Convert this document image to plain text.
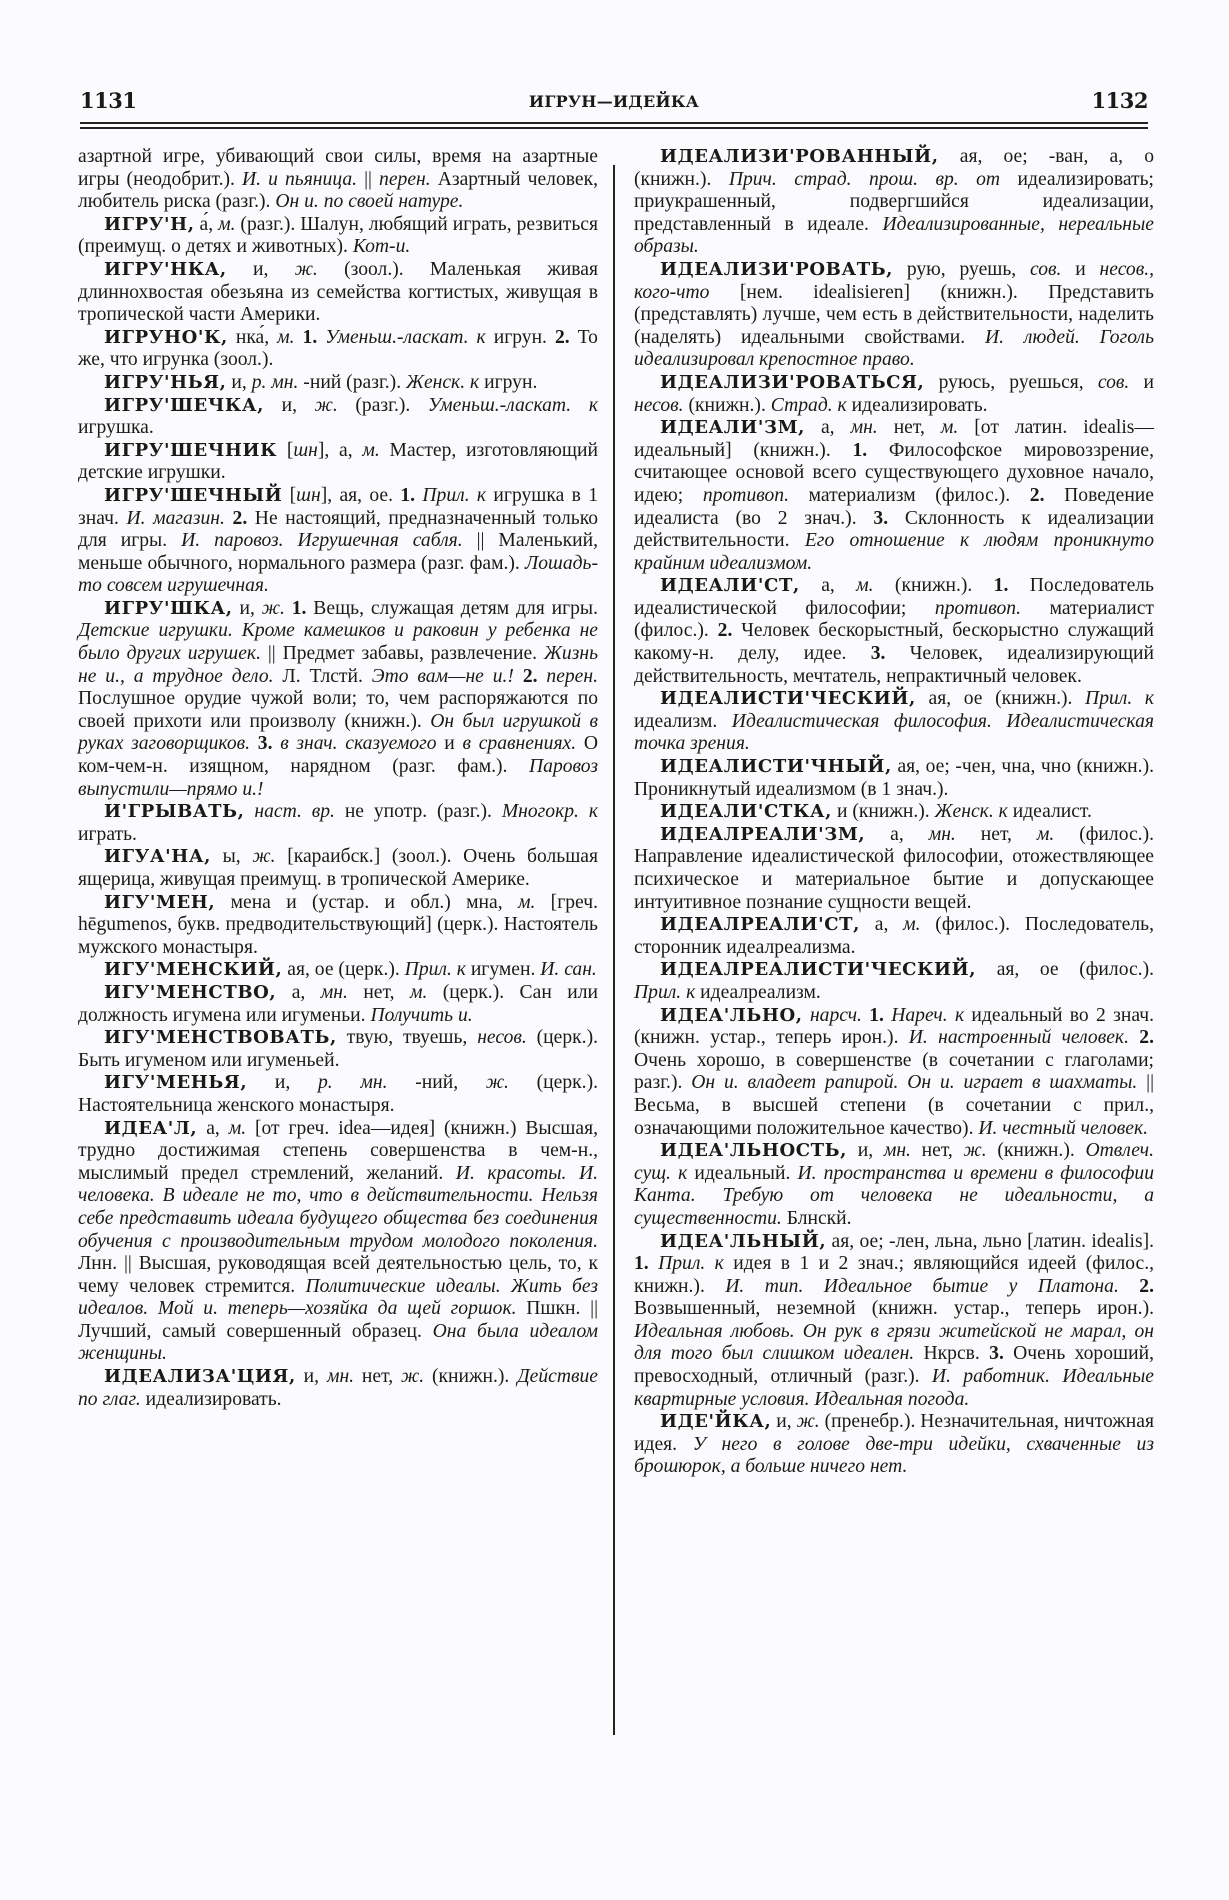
1131	ИГРУН—ИДЕЙКА	1132

азартной игре, убивающий свои силы, время на азартные игры (неодобрит.). И. и пьяница. || перен. Азартный человек, любитель риска (разг.). Он и. по своей натуре.

ИГРУ'Н, а́, м. (разг.). Шалун, любящий играть, резвиться (преимущ. о детях и животных). Кот-и.

ИГРУ'НКА, и, ж. (зоол.). Маленькая живая длиннохвостая обезьяна из семейства когтистых, живущая в тропической части Америки.

ИГРУНО'К, нка́, м. 1. Уменьш.-ласкат. к игрун. 2. То же, что игрунка (зоол.).

ИГРУ'НЬЯ, и, р. мн. -ний (разг.). Женск. к игрун.

ИГРУ'ШЕЧКА, и, ж. (разг.). Уменьш.-ласкат. к игрушка.

ИГРУ'ШЕЧНИК [шн], а, м. Мастер, изготовляющий детские игрушки.

ИГРУ'ШЕЧНЫЙ [шн], ая, ое. 1. Прил. к игрушка в 1 знач. И. магазин. 2. Не настоящий, предназначенный только для игры. И. паровоз. Игрушечная сабля. || Маленький, меньше обычного, нормального размера (разг. фам.). Лошадь-то совсем игрушечная.

ИГРУ'ШКА, и, ж. 1. Вещь, служащая детям для игры. Детские игрушки. Кроме камешков и раковин у ребенка не было других игрушек. || Предмет забавы, развлечение. Жизнь не и., а трудное дело. Л. Тлстй. Это вам—не и.! 2. перен. Послушное орудие чужой воли; то, чем распоряжаются по своей прихоти или произволу (книжн.). Он был игрушкой в руках заговорщиков. 3. в знач. сказуемого и в сравнениях. О ком-чем-н. изящном, нарядном (разг. фам.). Паровоз выпустили—прямо и.!

И'ГРЫВАТЬ, наст. вр. не употр. (разг.). Многокр. к играть.

ИГУА'НА, ы, ж. [караибск.] (зоол.). Очень большая ящерица, живущая преимущ. в тропической Америке.

ИГУ'МЕН, мена и (устар. и обл.) мна, м. [греч. hēgumenos, букв. предводительствующий] (церк.). Настоятель мужского монастыря.

ИГУ'МЕНСКИЙ, ая, ое (церк.). Прил. к игумен. И. сан.

ИГУ'МЕНСТВО, а, мн. нет, м. (церк.). Сан или должность игумена или игуменьи. Получить и.

ИГУ'МЕНСТВОВАТЬ, твую, твуешь, несов. (церк.). Быть игуменом или игуменьей.

ИГУ'МЕНЬЯ, и, р. мн. -ний, ж. (церк.). Настоятельница женского монастыря.

ИДЕА'Л, а, м. [от греч. idea—идея] (книжн.) Высшая, трудно достижимая степень совершенства в чем-н., мыслимый предел стремлений, желаний. И. красоты. И. человека. В идеале не то, что в действительности. Нельзя себе представить идеала будущего общества без соединения обучения с производительным трудом молодого поколения. Лнн. || Высшая, руководящая всей деятельностью цель, то, к чему человек стремится. Политические идеалы. Жить без идеалов. Мой и. теперь—хозяйка да щей горшок. Пшкн. || Лучший, самый совершенный образец. Она была идеалом женщины.

ИДЕАЛИЗА'ЦИЯ, и, мн. нет, ж. (книжн.). Действие по глаг. идеализировать.

ИДЕАЛИЗИ'РОВАННЫЙ, ая, ое; -ван, а, о (книжн.). Прич. страд. прош. вр. от идеализировать; приукрашенный, подвергшийся идеализации, представленный в идеале. Идеализированные, нереальные образы.

ИДЕАЛИЗИ'РОВАТЬ, рую, руешь, сов. и несов., кого-что [нем. idealisieren] (книжн.). Представить (представлять) лучше, чем есть в действительности, наделить (наделять) идеальными свойствами. И. людей. Гоголь идеализировал крепостное право.

ИДЕАЛИЗИ'РОВАТЬСЯ, руюсь, руешься, сов. и несов. (книжн.). Страд. к идеализировать.

ИДЕАЛИ'ЗМ, а, мн. нет, м. [от латин. idealis—идеальный] (книжн.). 1. Философское мировоззрение, считающее основой всего существующего духовное начало, идею; противоп. материализм (филос.). 2. Поведение идеалиста (во 2 знач.). 3. Склонность к идеализации действительности. Его отношение к людям проникнуто крайним идеализмом.

ИДЕАЛИ'СТ, а, м. (книжн.). 1. Последователь идеалистической философии; противоп. материалист (филос.). 2. Человек бескорыстный, бескорыстно служащий какому-н. делу, идее. 3. Человек, идеализирующий действительность, мечтатель, непрактичный человек.

ИДЕАЛИСТИ'ЧЕСКИЙ, ая, ое (книжн.). Прил. к идеализм. Идеалистическая философия. Идеалистическая точка зрения.

ИДЕАЛИСТИ'ЧНЫЙ, ая, ое; -чен, чна, чно (книжн.). Проникнутый идеализмом (в 1 знач.).

ИДЕАЛИ'СТКА, и (книжн.). Женск. к идеалист.

ИДЕАЛРЕАЛИ'ЗМ, а, мн. нет, м. (филос.). Направление идеалистической философии, отожествляющее психическое и материальное бытие и допускающее интуитивное познание сущности вещей.

ИДЕАЛРЕАЛИ'СТ, а, м. (филос.). Последователь, сторонник идеалреализма.

ИДЕАЛРЕАЛИСТИ'ЧЕСКИЙ, ая, ое (филос.). Прил. к идеалреализм.

ИДЕА'ЛЬНО, нарсч. 1. Нареч. к идеальный во 2 знач. (книжн. устар., теперь ирон.). И. настроенный человек. 2. Очень хорошо, в совершенстве (в сочетании с глаголами; разг.). Он и. владеет рапирой. Он и. играет в шахматы. || Весьма, в высшей степени (в сочетании с прил., означающими положительное качество). И. честный человек.

ИДЕА'ЛЬНОСТЬ, и, мн. нет, ж. (книжн.). Отвлеч. сущ. к идеальный. И. пространства и времени в философии Канта. Требую от человека не идеальности, а существенности. Блнскй.

ИДЕА'ЛЬНЫЙ, ая, ое; -лен, льна, льно [латин. idealis]. 1. Прил. к идея в 1 и 2 знач.; являющийся идеей (филос., книжн.). И. тип. Идеальное бытие у Платона. 2. Возвышенный, неземной (книжн. устар., теперь ирон.). Идеальная любовь. Он рук в грязи житейской не марал, он для того был слишком идеален. Нкрсв. 3. Очень хороший, превосходный, отличный (разг.). И. работник. Идеальные квартирные условия. Идеальная погода.

ИДЕ'ЙКА, и, ж. (пренебр.). Незначительная, ничтожная идея. У него в голове две-три идейки, схваченные из брошюрок, а больше ничего нет.
